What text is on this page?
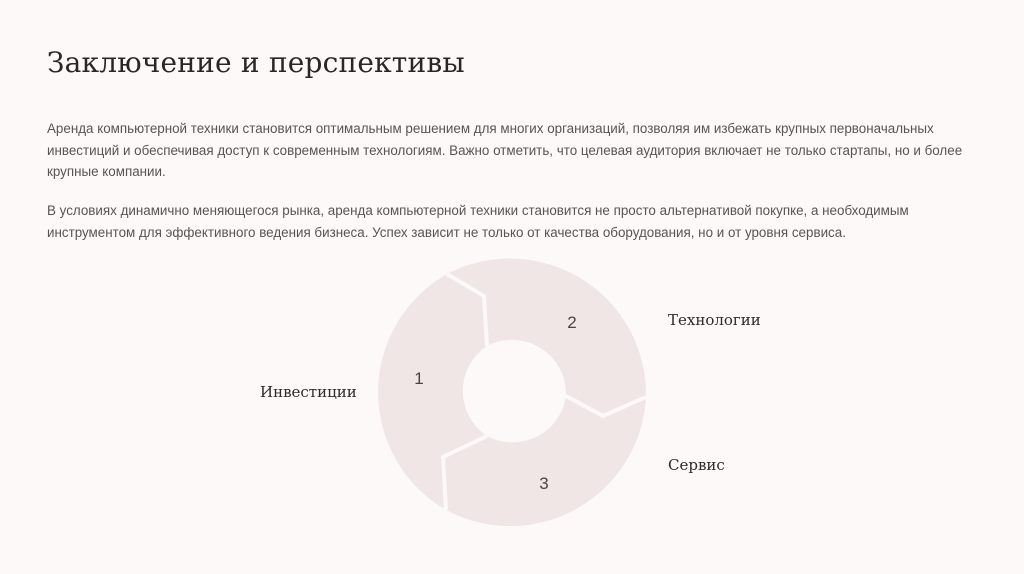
Заключение и перспективы

Аренда компьютерной техники становится оптимальным решением для многих организаций, позволяя им избежать крупных первоначальных инвестиций и обеспечивая доступ к современным технологиям. Важно отметить, что целевая аудитория включает не только стартапы, но и более крупные компании.

В условиях динамично меняющегося рынка, аренда компьютерной техники становится не просто альтернативой покупке, а необходимым инструментом для эффективного ведения бизнеса. Успех зависит не только от качества оборудования, но и от уровня сервиса.

1
2
3
Инвестиции
Технологии
Сервис
